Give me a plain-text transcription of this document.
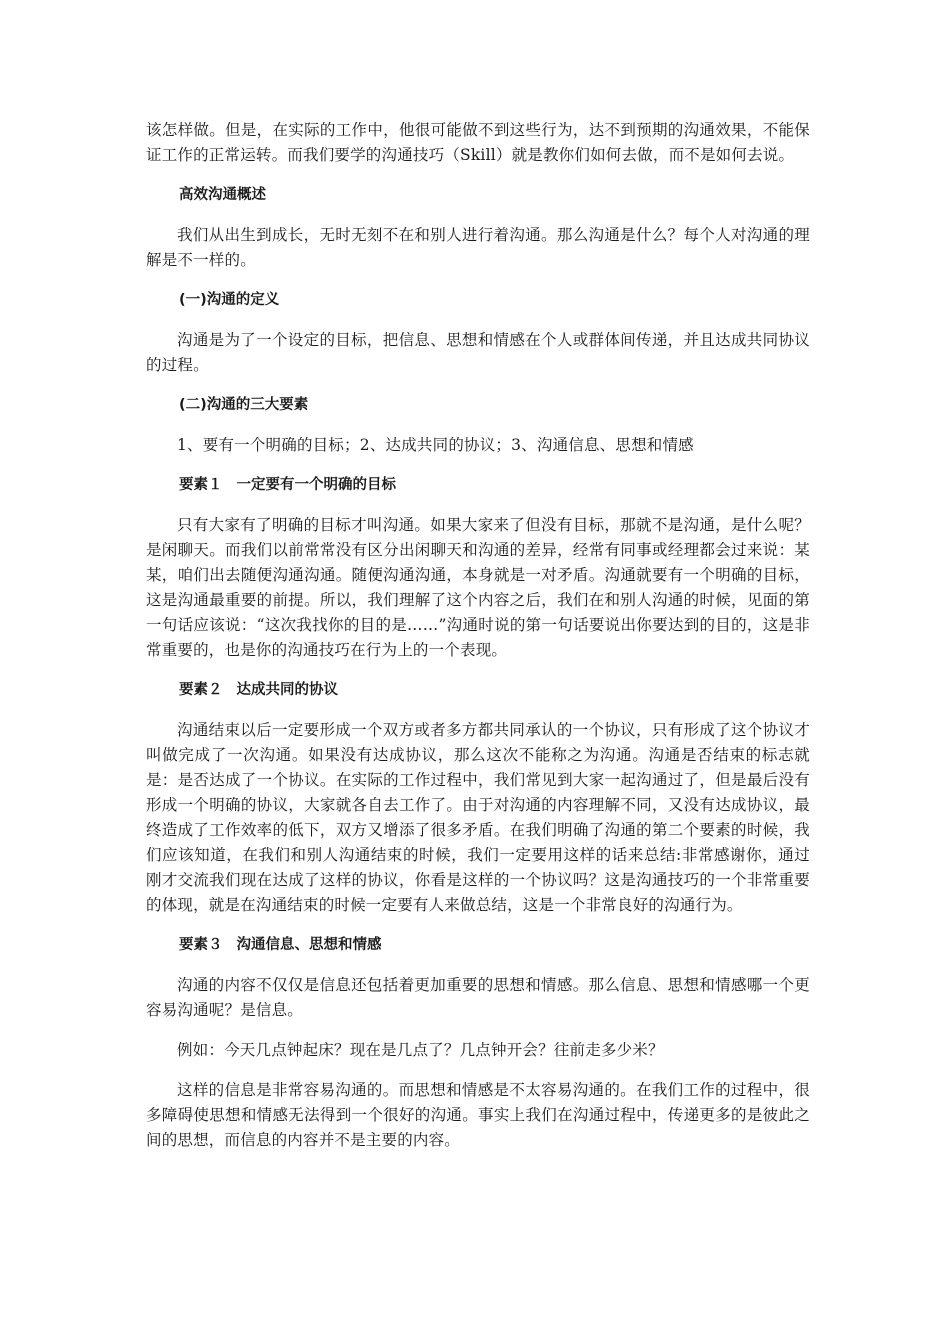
该怎样做。但是，在实际的工作中，他很可能做不到这些行为，达不到预期的沟通效果，不能保证工作的正常运转。而我们要学的沟通技巧（Skill）就是教你们如何去做，而不是如何去说。

高效沟通概述

我们从出生到成长，无时无刻不在和别人进行着沟通。那么沟通是什么？每个人对沟通的理解是不一样的。

(一)沟通的定义

沟通是为了一个设定的目标，把信息、思想和情感在个人或群体间传递，并且达成共同协议的过程。

(二)沟通的三大要素

1、要有一个明确的目标；2、达成共同的协议；3、沟通信息、思想和情感

要素１ 一定要有一个明确的目标

只有大家有了明确的目标才叫沟通。如果大家来了但没有目标，那就不是沟通，是什么呢？是闲聊天。而我们以前常常没有区分出闲聊天和沟通的差异，经常有同事或经理都会过来说：某某，咱们出去随便沟通沟通。随便沟通沟通，本身就是一对矛盾。沟通就要有一个明确的目标，这是沟通最重要的前提。所以，我们理解了这个内容之后，我们在和别人沟通的时候，见面的第一句话应该说：“这次我找你的目的是……”沟通时说的第一句话要说出你要达到的目的，这是非常重要的，也是你的沟通技巧在行为上的一个表现。

要素２ 达成共同的协议

沟通结束以后一定要形成一个双方或者多方都共同承认的一个协议，只有形成了这个协议才叫做完成了一次沟通。如果没有达成协议，那么这次不能称之为沟通。沟通是否结束的标志就是：是否达成了一个协议。在实际的工作过程中，我们常见到大家一起沟通过了，但是最后没有形成一个明确的协议，大家就各自去工作了。由于对沟通的内容理解不同，又没有达成协议，最终造成了工作效率的低下，双方又增添了很多矛盾。在我们明确了沟通的第二个要素的时候，我们应该知道，在我们和别人沟通结束的时候，我们一定要用这样的话来总结:非常感谢你，通过刚才交流我们现在达成了这样的协议，你看是这样的一个协议吗？这是沟通技巧的一个非常重要的体现，就是在沟通结束的时候一定要有人来做总结，这是一个非常良好的沟通行为。

要素３ 沟通信息、思想和情感

沟通的内容不仅仅是信息还包括着更加重要的思想和情感。那么信息、思想和情感哪一个更容易沟通呢？是信息。

例如：今天几点钟起床？现在是几点了？几点钟开会？往前走多少米？

这样的信息是非常容易沟通的。而思想和情感是不太容易沟通的。在我们工作的过程中，很多障碍使思想和情感无法得到一个很好的沟通。事实上我们在沟通过程中，传递更多的是彼此之间的思想，而信息的内容并不是主要的内容。
